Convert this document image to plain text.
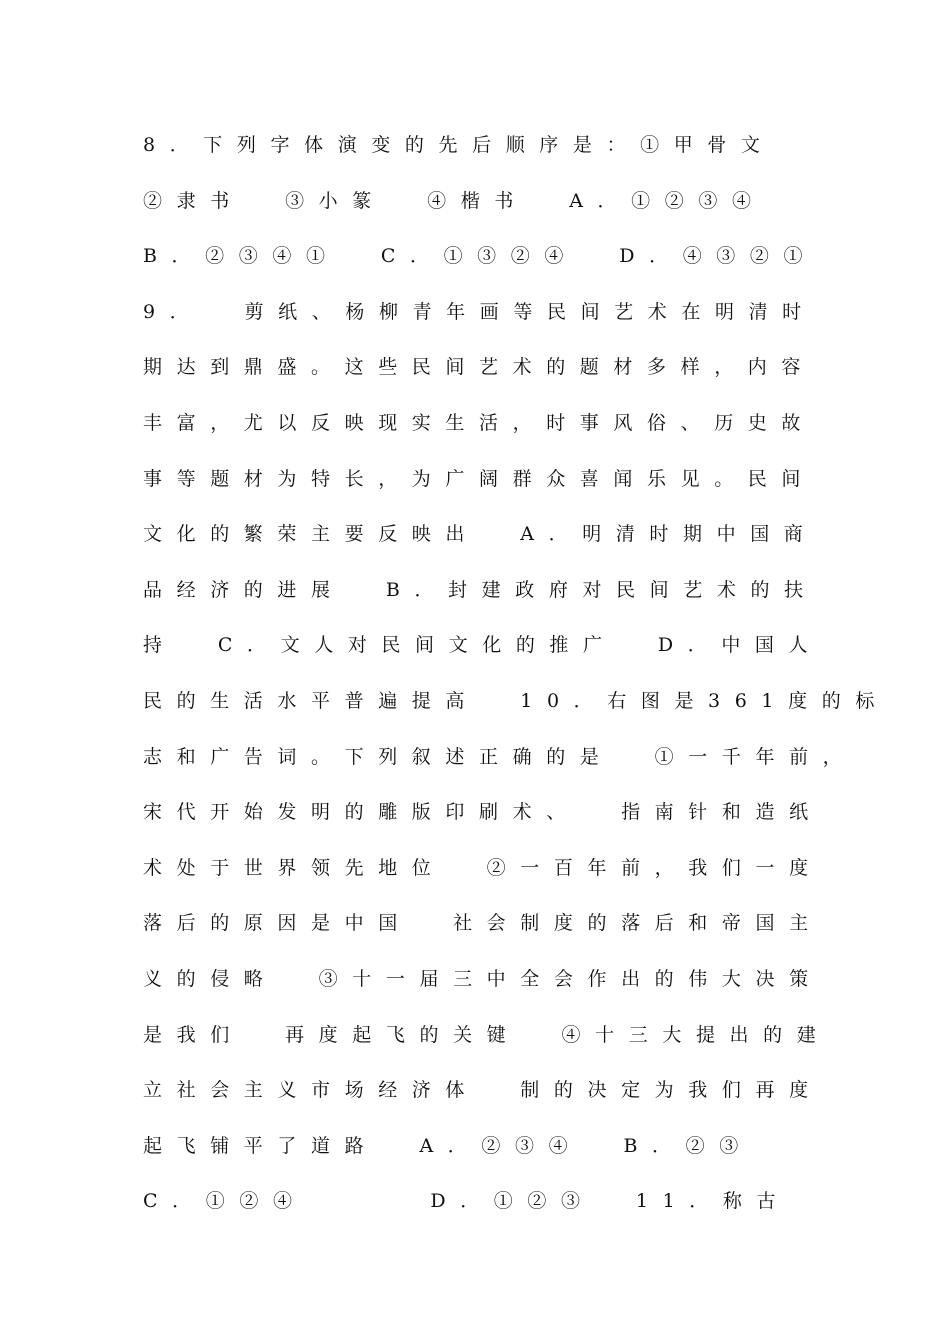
8．下列字体演变的先后顺序是：①甲骨文
②隶书  ③小篆  ④楷书  A．①②③④
B．②③④①  C．①③②④  D．④③②①
9．  剪纸、杨柳青年画等民间艺术在明清时
期达到鼎盛。这些民间艺术的题材多样，内容
丰富，尤以反映现实生活，时事风俗、历史故
事等题材为特长，为广阔群众喜闻乐见。民间
文化的繁荣主要反映出  A．明清时期中国商
品经济的进展  B．封建政府对民间艺术的扶
持  C．文人对民间文化的推广  D．中国人
民的生活水平普遍提高  10．右图是361度的标
志和广告词。下列叙述正确的是  ①一千年前，
宋代开始发明的雕版印刷术、  指南针和造纸
术处于世界领先地位  ②一百年前，我们一度
落后的原因是中国  社会制度的落后和帝国主
义的侵略  ③十一届三中全会作出的伟大决策
是我们  再度起飞的关键  ④十三大提出的建
立社会主义市场经济体  制的决定为我们再度
起飞铺平了道路  A．②③④  B．②③
C．①②④      D．①②③  11．称古
